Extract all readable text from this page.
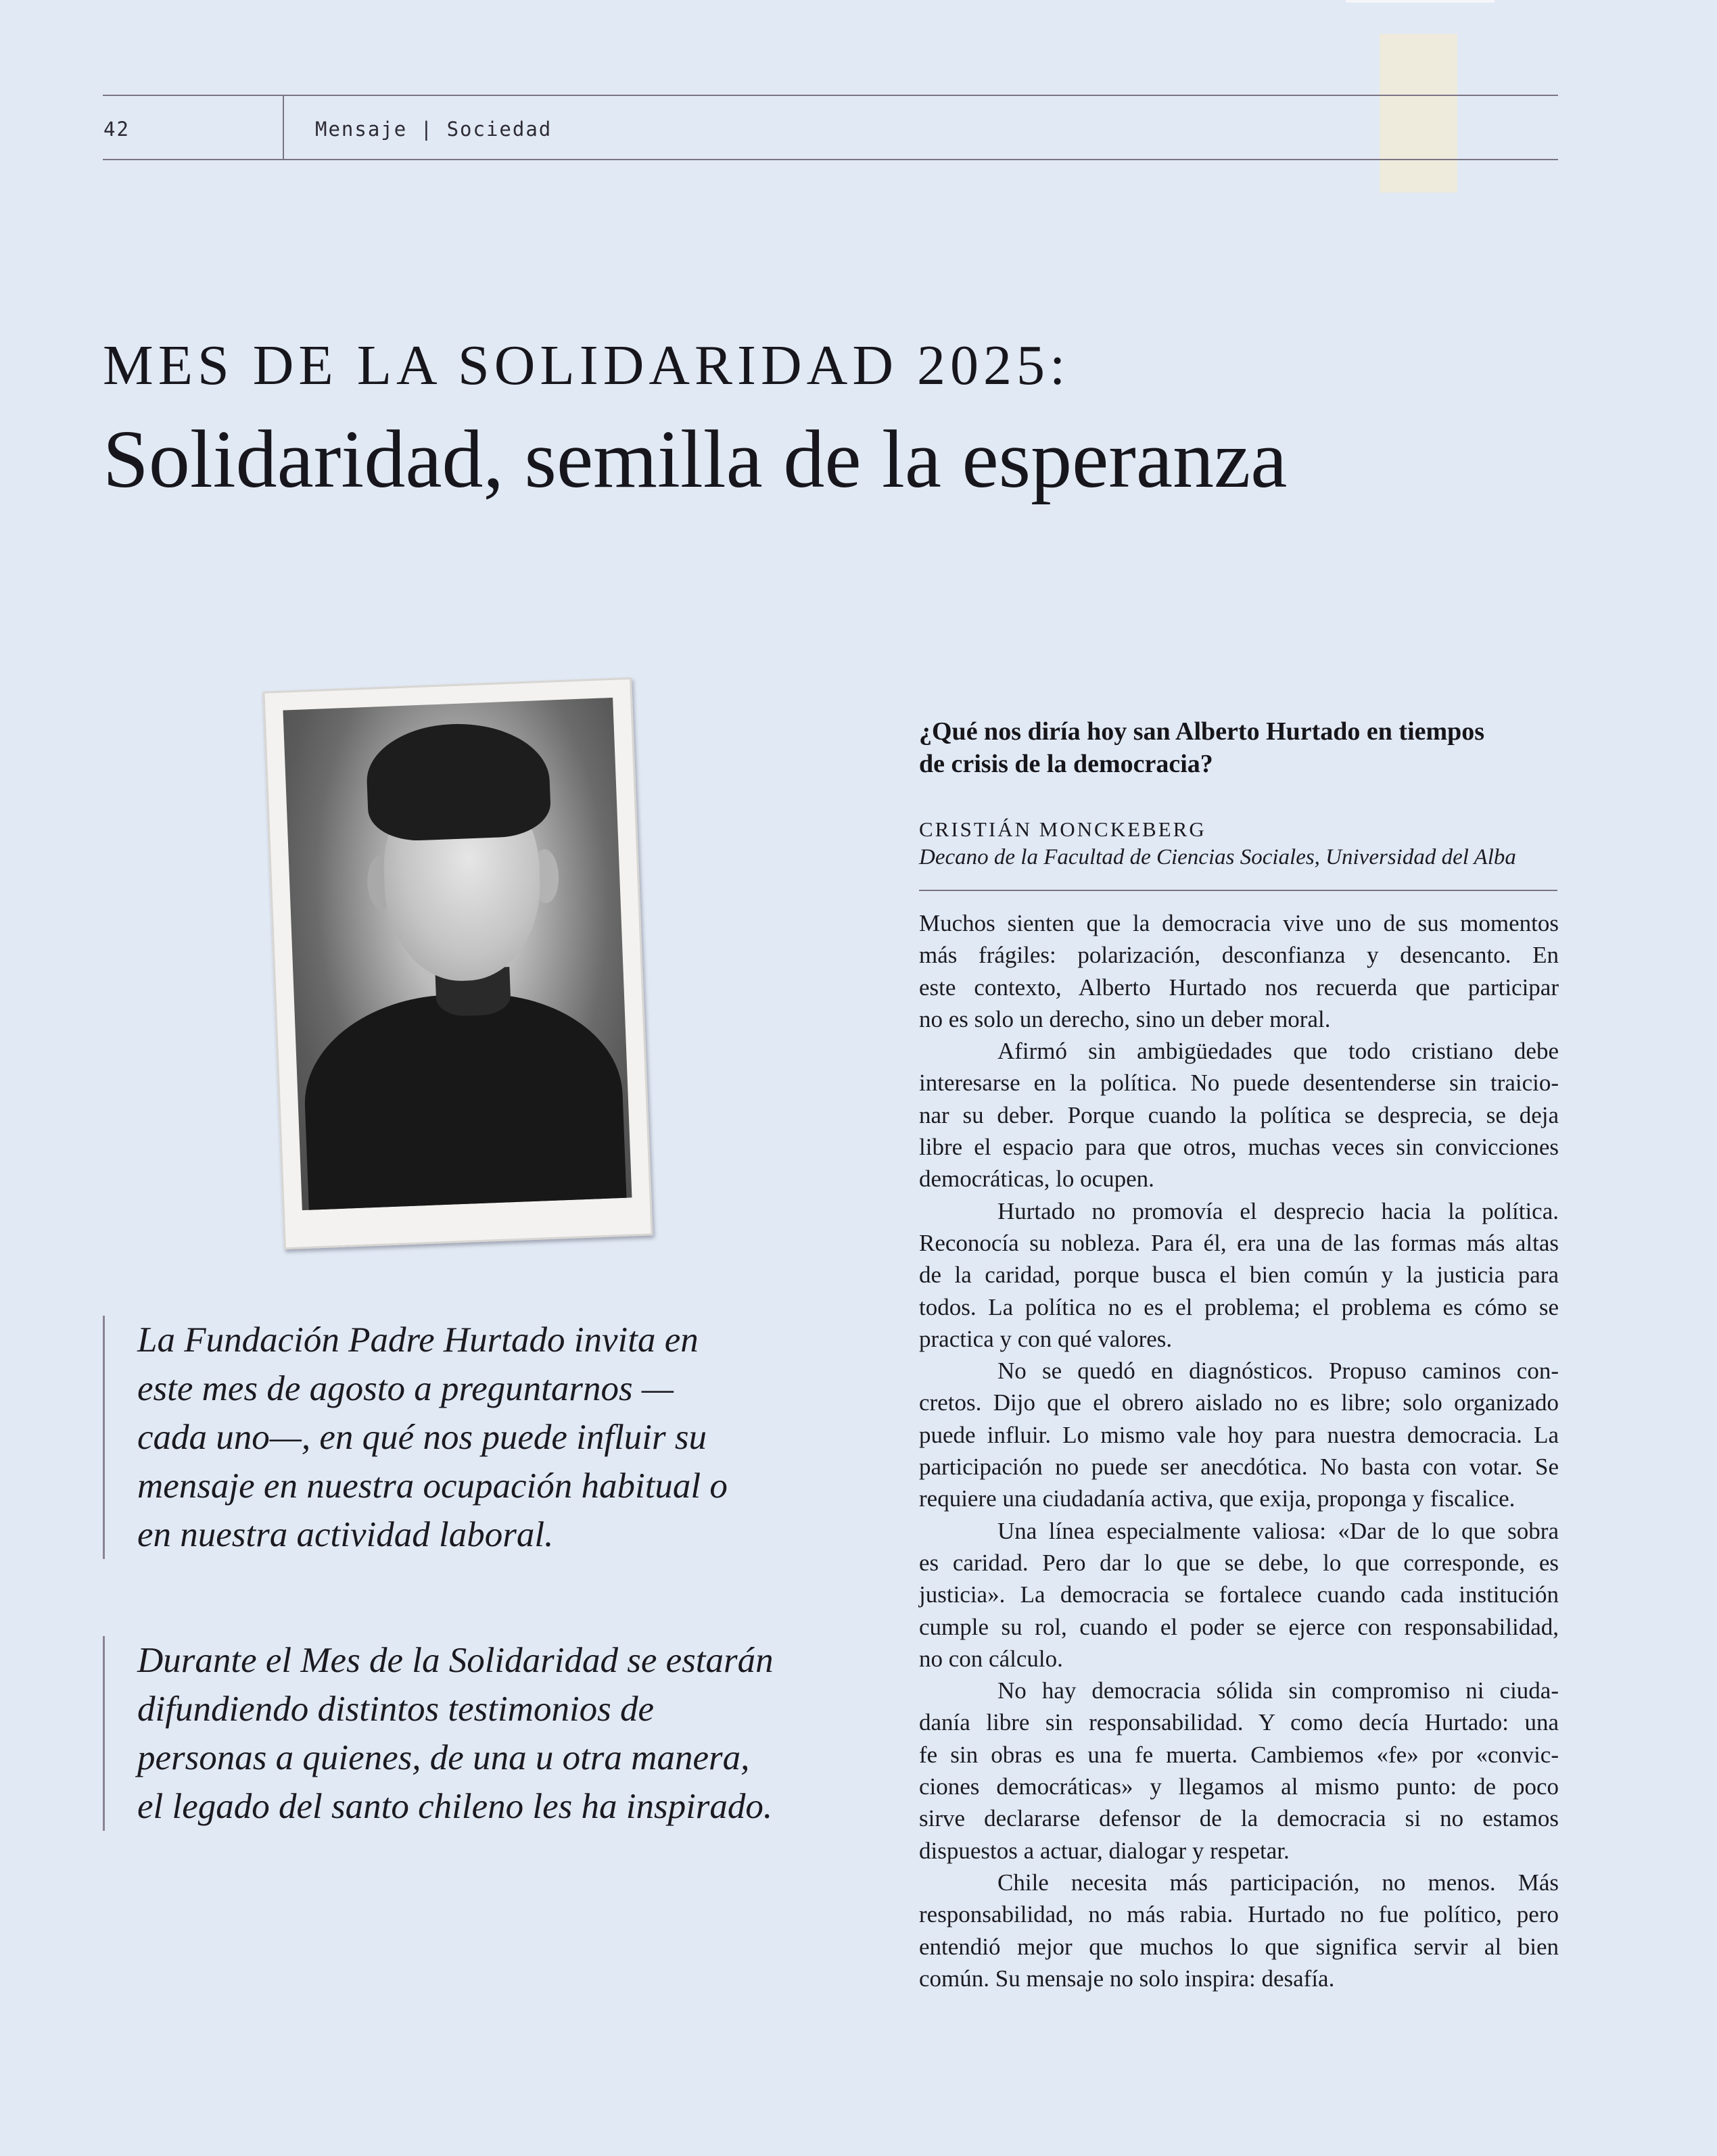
42	Mensaje | Sociedad
MES DE LA SOLIDARIDAD 2025:
Solidaridad, semilla de la esperanza
La Fundación Padre Hurtado invita en
este mes de agosto a preguntarnos —
cada uno—, en qué nos puede influir su
mensaje en nuestra ocupación habitual o
en nuestra actividad laboral.
Durante el Mes de la Solidaridad se estarán
difundiendo distintos testimonios de
personas a quienes, de una u otra manera,
el legado del santo chileno les ha inspirado.
¿Qué nos diría hoy san Alberto Hurtado en tiempos
de crisis de la democracia?
CRISTIÁN MONCKEBERG
Decano de la Facultad de Ciencias Sociales, Universidad del Alba
Muchos sienten que la democracia vive uno de sus momentos
más frágiles: polarización, desconfianza y desencanto. En
este contexto, Alberto Hurtado nos recuerda que participar
no es solo un derecho, sino un deber moral.
Afirmó sin ambigüedades que todo cristiano debe
interesarse en la política. No puede desentenderse sin traicio-
nar su deber. Porque cuando la política se desprecia, se deja
libre el espacio para que otros, muchas veces sin convicciones
democráticas, lo ocupen.
Hurtado no promovía el desprecio hacia la política.
Reconocía su nobleza. Para él, era una de las formas más altas
de la caridad, porque busca el bien común y la justicia para
todos. La política no es el problema; el problema es cómo se
practica y con qué valores.
No se quedó en diagnósticos. Propuso caminos con-
cretos. Dijo que el obrero aislado no es libre; solo organizado
puede influir. Lo mismo vale hoy para nuestra democracia. La
participación no puede ser anecdótica. No basta con votar. Se
requiere una ciudadanía activa, que exija, proponga y fiscalice.
Una línea especialmente valiosa: «Dar de lo que sobra
es caridad. Pero dar lo que se debe, lo que corresponde, es
justicia». La democracia se fortalece cuando cada institución
cumple su rol, cuando el poder se ejerce con responsabilidad,
no con cálculo.
No hay democracia sólida sin compromiso ni ciuda-
danía libre sin responsabilidad. Y como decía Hurtado: una
fe sin obras es una fe muerta. Cambiemos «fe» por «convic-
ciones democráticas» y llegamos al mismo punto: de poco
sirve declararse defensor de la democracia si no estamos
dispuestos a actuar, dialogar y respetar.
Chile necesita más participación, no menos. Más
responsabilidad, no más rabia. Hurtado no fue político, pero
entendió mejor que muchos lo que significa servir al bien
común. Su mensaje no solo inspira: desafía.
